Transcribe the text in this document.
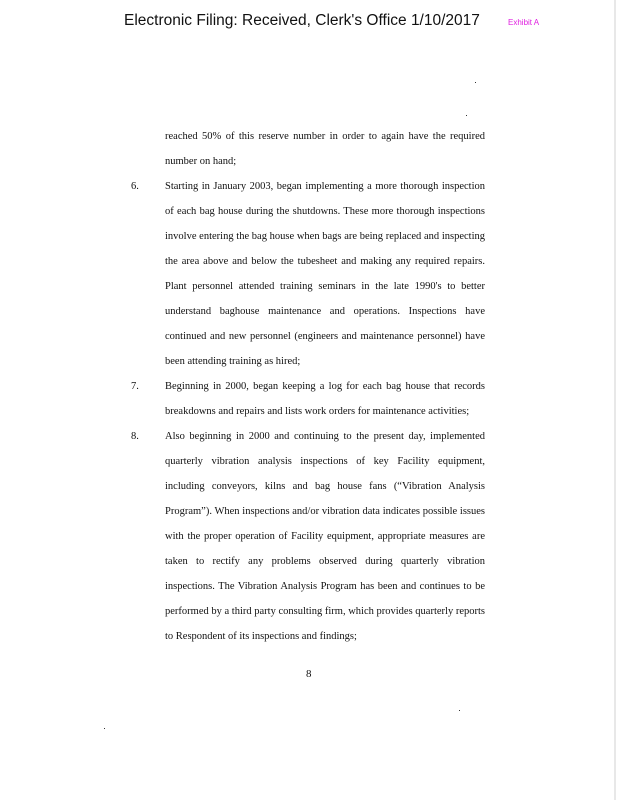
Electronic Filing: Received, Clerk's Office 1/10/2017	Exhibit A
reached 50% of this reserve number in order to again have the required number on hand;
6.	Starting in January 2003, began implementing a more thorough inspection of each bag house during the shutdowns. These more thorough inspections involve entering the bag house when bags are being replaced and inspecting the area above and below the tubesheet and making any required repairs. Plant personnel attended training seminars in the late 1990's to better understand baghouse maintenance and operations. Inspections have continued and new personnel (engineers and maintenance personnel) have been attending training as hired;
7.	Beginning in 2000, began keeping a log for each bag house that records breakdowns and repairs and lists work orders for maintenance activities;
8.	Also beginning in 2000 and continuing to the present day, implemented quarterly vibration analysis inspections of key Facility equipment, including conveyors, kilns and bag house fans (“Vibration Analysis Program”). When inspections and/or vibration data indicates possible issues with the proper operation of Facility equipment, appropriate measures are taken to rectify any problems observed during quarterly vibration inspections. The Vibration Analysis Program has been and continues to be performed by a third party consulting firm, which provides quarterly reports to Respondent of its inspections and findings;
8
